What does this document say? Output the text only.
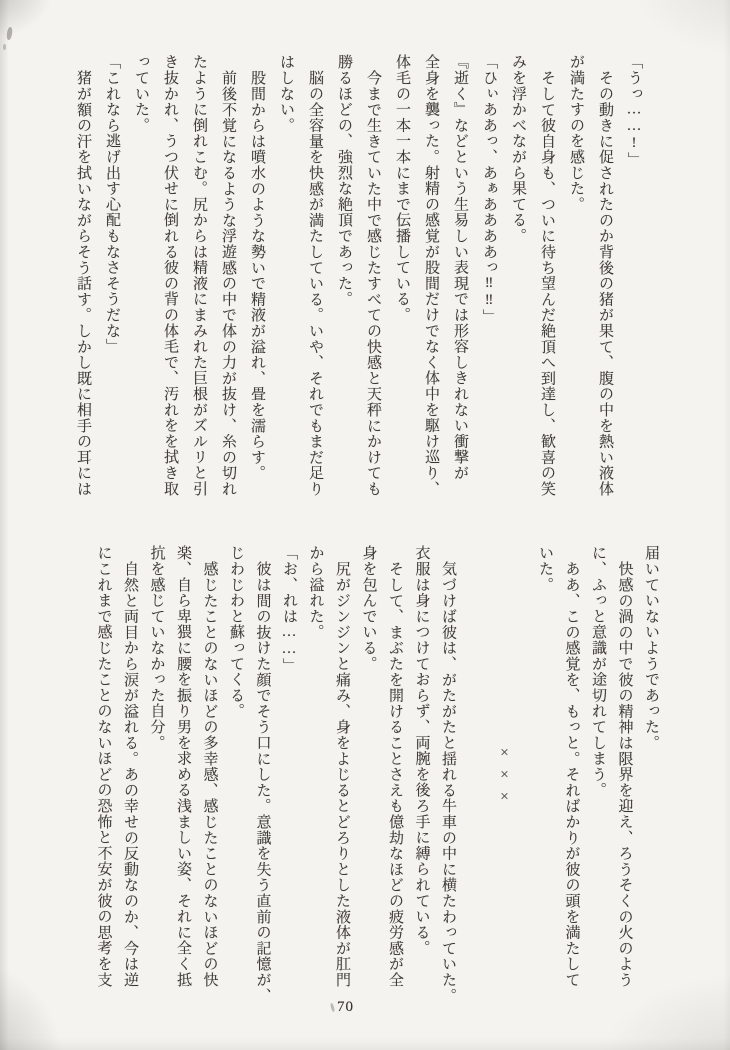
「うっ……!」
その動きに促されたのか背後の猪が果て、腹の中を熱い液体
が満たすのを感じた。
そして彼自身も、ついに待ち望んだ絶頂へ到達し、歓喜の笑
みを浮かべながら果てる。
「ひぃああっ、あぁああああっ‼‼」
『逝く』などという生易しい表現では形容しきれない衝撃が
全身を襲った。射精の感覚が股間だけでなく体中を駆け巡り、
体毛の一本一本にまで伝播している。
今まで生きていた中で感じたすべての快感と天秤にかけても
勝るほどの、強烈な絶頂であった。
脳の全容量を快感が満たしている。いや、それでもまだ足り
はしない。
股間からは噴水のような勢いで精液が溢れ、畳を濡らす。
前後不覚になるような浮遊感の中で体の力が抜け、糸の切れ
たように倒れこむ。尻からは精液にまみれた巨根がズルリと引
き抜かれ、うつ伏せに倒れる彼の背の体毛で、汚れをを拭き取
っていた。
「これなら逃げ出す心配もなさそうだな」
猪が額の汗を拭いながらそう話す。しかし既に相手の耳には
届いていないようであった。
快感の渦の中で彼の精神は限界を迎え、ろうそくの火のよう
に、ふっと意識が途切れてしまう。
ああ、この感覚を、もっと。そればかりが彼の頭を満たして
いた。
×××
気づけば彼は、がたがたと揺れる牛車の中に横たわっていた。
衣服は身につけておらず、両腕を後ろ手に縛られている。
そして、まぶたを開けることさえも億劫なほどの疲労感が全
身を包んでいる。
尻がジンジンと痛み、身をよじるとどろりとした液体が肛門
から溢れた。
「お、れは……」
彼は間の抜けた顔でそう口にした。意識を失う直前の記憶が、
じわじわと蘇ってくる。
感じたことのないほどの多幸感、感じたことのないほどの快
楽、自ら卑猥に腰を振り男を求める浅ましい姿、それに全く抵
抗を感じていなかった自分。
自然と両目から涙が溢れる。あの幸せの反動なのか、今は逆
にこれまで感じたことのないほどの恐怖と不安が彼の思考を支
70
